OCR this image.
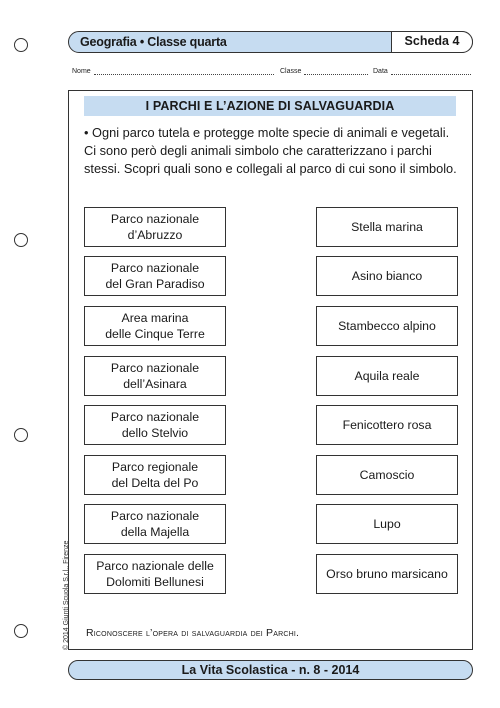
Geografia • Classe quarta	Scheda 4
Nome	Classe	Data
I PARCHI E L’AZIONE DI SALVAGUARDIA
• Ogni parco tutela e protegge molte specie di animali e vegetali. Ci sono però degli animali simbolo che caratterizzano i parchi stessi. Scopri quali sono e collegali al parco di cui sono il simbolo.
Parco nazionale
d’Abruzzo
Parco nazionale
del Gran Paradiso
Area marina
delle Cinque Terre
Parco nazionale
dell’Asinara
Parco nazionale
dello Stelvio
Parco regionale
del Delta del Po
Parco nazionale
della Majella
Parco nazionale delle
Dolomiti Bellunesi
Stella marina
Asino bianco
Stambecco alpino
Aquila reale
Fenicottero rosa
Camoscio
Lupo
Orso bruno marsicano
Riconoscere l’opera di salvaguardia dei Parchi.
© 2014 Giunti Scuola S.r.l., Firenze
La Vita Scolastica - n. 8 - 2014
